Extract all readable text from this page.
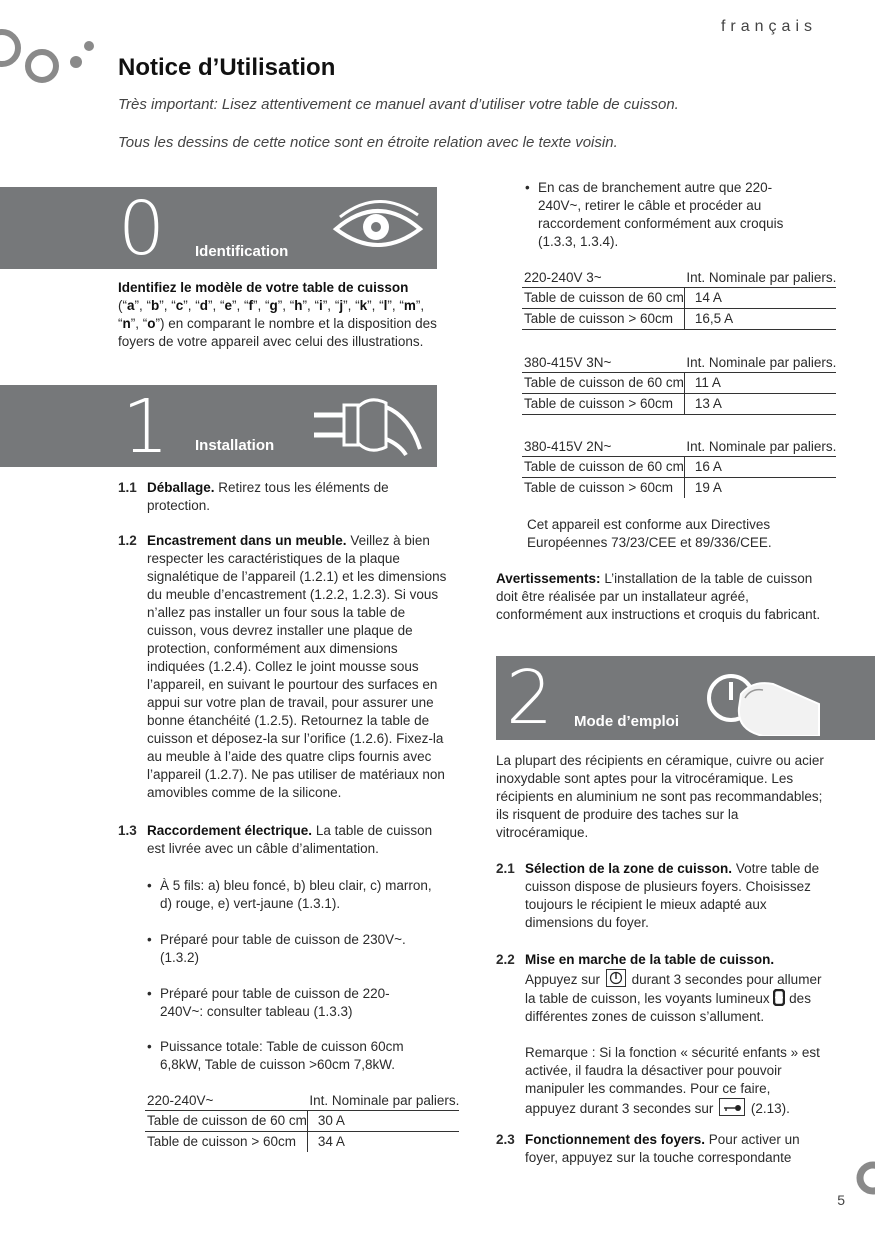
français
Notice d’Utilisation

Très important: Lisez attentivement ce manuel avant d’utiliser votre table de cuisson.

Tous les dessins de cette notice sont en étroite relation avec le texte voisin.

0 Identification

Identifiez le modèle de votre table de cuisson
(“a”, “b”, “c”, “d”, “e”, “f”, “g”, “h”, “i”, “j”, “k”, “l”, “m”, “n”, “o”) en comparant le nombre et la disposition des foyers de votre appareil avec celui des illustrations.

1 Installation
1.1 Déballage. Retirez tous les éléments de protection.
1.2 Encastrement dans un meuble. Veillez à bien respecter les caractéristiques de la plaque signalétique de l’appareil (1.2.1) et les dimensions du meuble d’encastrement (1.2.2, 1.2.3). Si vous n’allez pas installer un four sous la table de cuisson, vous devrez installer une plaque de protection, conformément aux dimensions indiquées (1.2.4). Collez le joint mousse sous l’appareil, en suivant le pourtour des surfaces en appui sur votre plan de travail, pour assurer une bonne étanchéité (1.2.5). Retournez la table de cuisson et déposez-la sur l’orifice (1.2.6). Fixez-la au meuble à l’aide des quatre clips fournis avec l’appareil (1.2.7). Ne pas utiliser de matériaux non amovibles comme de la silicone.
1.3 Raccordement électrique. La table de cuisson est livrée avec un câble d’alimentation.
• À 5 fils: a) bleu foncé, b) bleu clair, c) marron, d) rouge, e) vert-jaune (1.3.1).
• Préparé pour table de cuisson de 230V~. (1.3.2)
• Préparé pour table de cuisson de 220-240V~: consulter tableau (1.3.3)
• Puissance totale: Table de cuisson 60cm 6,8kW, Table de cuisson >60cm 7,8kW.
220-240V~	Int. Nominale par paliers.
Table de cuisson de 60 cm	30 A
Table de cuisson > 60cm	34 A
• En cas de branchement autre que 220-240V~, retirer le câble et procéder au raccordement conformément aux croquis (1.3.3, 1.3.4).
220-240V 3~	Int. Nominale par paliers.
Table de cuisson de 60 cm	14 A
Table de cuisson > 60cm	16,5 A
380-415V 3N~	Int. Nominale par paliers.
Table de cuisson de 60 cm	11 A
Table de cuisson > 60cm	13 A
380-415V 2N~	Int. Nominale par paliers.
Table de cuisson de 60 cm	16 A
Table de cuisson > 60cm	19 A

Cet appareil est conforme aux Directives Européennes 73/23/CEE et 89/336/CEE.

Avertissements: L’installation de la table de cuisson doit être réalisée par un installateur agréé, conformément aux instructions et croquis du fabricant.

2 Mode d’emploi

La plupart des récipients en céramique, cuivre ou acier inoxydable sont aptes pour la vitrocéramique. Les récipients en aluminium ne sont pas recommandables; ils risquent de produire des taches sur la vitrocéramique.

2.1 Sélection de la zone de cuisson. Votre table de cuisson dispose de plusieurs foyers. Choisissez toujours le récipient le mieux adapté aux dimensions du foyer.
2.2 Mise en marche de la table de cuisson.
Appuyez sur durant 3 secondes pour allumer la table de cuisson, les voyants lumineux des différentes zones de cuisson s’allument.
Remarque : Si la fonction « sécurité enfants » est activée, il faudra la désactiver pour pouvoir manipuler les commandes. Pour ce faire, appuyez durant 3 secondes sur	(2.13).
2.3 Fonctionnement des foyers. Pour activer un foyer, appuyez sur la touche correspondante
5
